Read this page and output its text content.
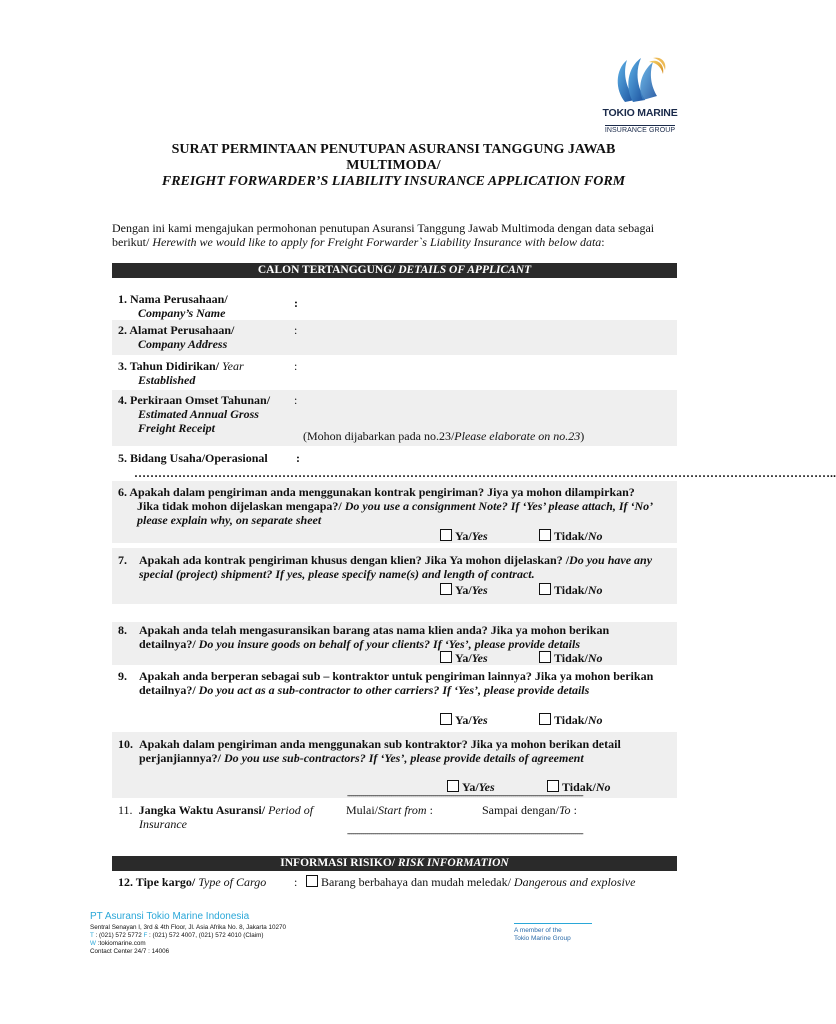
TOKIO MARINE
INSURANCE GROUP
SURAT PERMINTAAN PENUTUPAN ASURANSI TANGGUNG JAWAB
MULTIMODA/
FREIGHT FORWARDER’S LIABILITY INSURANCE APPLICATION FORM
Dengan ini kami mengajukan permohonan penutupan Asuransi Tanggung Jawab Multimoda dengan data sebagai
berikut/ Herewith we would like to apply for Freight Forwarder`s Liability Insurance with below data:
CALON TERTANGGUNG/ DETAILS OF APPLICANT
1. Nama Perusahaan/
Company’s Name
:
2. Alamat Perusahaan/
Company Address
:
3. Tahun Didirikan/ Year
Established
:
4. Perkiraan Omset Tahunan/
Estimated Annual Gross
Freight Receipt
:
(Mohon dijabarkan pada no.23/Please elaborate on no.23)
5. Bidang Usaha/Operasional :
…………………………………………………………………………………………………………………………………………………………..
6. Apakah dalam pengiriman anda menggunakan kontrak pengiriman? Jiya ya mohon dilampirkan?
Jika tidak mohon dijelaskan mengapa?/ Do you use a consignment Note? If ‘Yes’ please attach, If ‘No’
please explain why, on separate sheet
Ya/Yes	Tidak/No
7. Apakah ada kontrak pengiriman khusus dengan klien? Jika Ya mohon dijelaskan? /Do you have any
special (project) shipment? If yes, please specify name(s) and length of contract.
Ya/Yes	Tidak/No
8. Apakah anda telah mengasuransikan barang atas nama klien anda? Jika ya mohon berikan
detailnya?/ Do you insure goods on behalf of your clients? If ‘Yes’, please provide details
Ya/Yes	Tidak/No
9. Apakah anda berperan sebagai sub – kontraktor untuk pengiriman lainnya? Jika ya mohon berikan
detailnya?/ Do you act as a sub-contractor to other carriers? If ‘Yes’, please provide details
Ya/Yes	Tidak/No
10. Apakah dalam pengiriman anda menggunakan sub kontraktor? Jika ya mohon berikan detail
perjanjiannya?/ Do you use sub-contractors? If ‘Yes’, please provide details of agreement
Ya/Yes	Tidak/No
----------------------------------------------------------------------------------------------------------------------
11. Jangka Waktu Asuransi/ Period of
Insurance
Mulai/Start from :	Sampai dengan/To :
----------------------------------------------------------------------------------------------------------------------
INFORMASI RISIKO/ RISK INFORMATION
12. Tipe kargo/ Type of Cargo :	Barang berbahaya dan mudah meledak/ Dangerous and explosive
PT Asuransi Tokio Marine Indonesia
Sentral Senayan I, 3rd & 4th Floor, Jl. Asia Afrika No. 8, Jakarta 10270
T : (021) 572 5772 F : (021) 572 4007, (021) 572 4010 (Claim)
W :tokiomarine.com
Contact Center 24/7 : 14006
A member of the
Tokio Marine Group
